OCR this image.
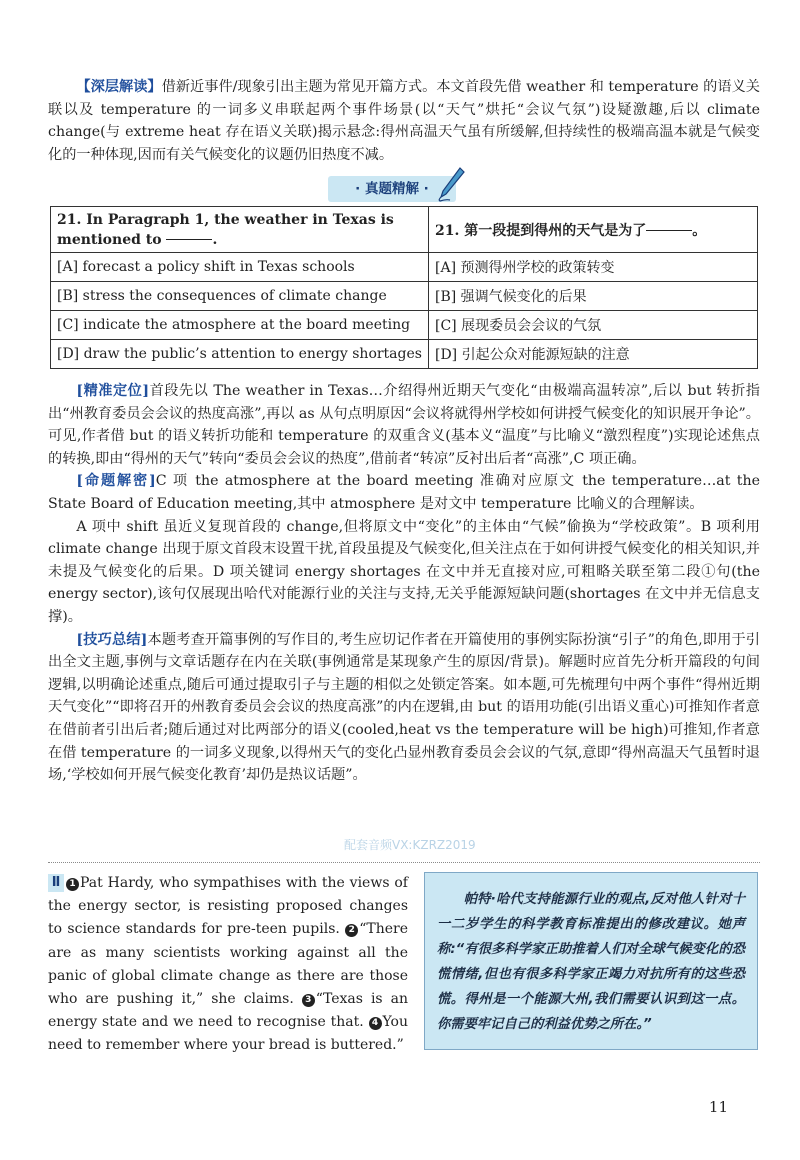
【深层解读】借新近事件/现象引出主题为常见开篇方式。本文首段先借 weather 和 temperature 的语义关联以及 temperature 的一词多义串联起两个事件场景(以“天气”烘托“会议气氛”)设疑激趣,后以 climate change(与 extreme heat 存在语义关联)揭示悬念:得州高温天气虽有所缓解,但持续性的极端高温本就是气候变化的一种体现,因而有关气候变化的议题仍旧热度不减。

· 真题精解 ·
21. In Paragraph 1, the weather in Texas is mentioned to .	21. 第一段提到得州的天气是为了 。
[A] forecast a policy shift in Texas schools	[A] 预测得州学校的政策转变
[B] stress the consequences of climate change	[B] 强调气候变化的后果
[C] indicate the atmosphere at the board meeting	[C] 展现委员会会议的气氛
[D] draw the public’s attention to energy shortages	[D] 引起公众对能源短缺的注意

[精准定位]首段先以 The weather in Texas…介绍得州近期天气变化“由极端高温转凉”,后以 but 转折指出“州教育委员会会议的热度高涨”,再以 as 从句点明原因“会议将就得州学校如何讲授气候变化的知识展开争论”。可见,作者借 but 的语义转折功能和 temperature 的双重含义(基本义“温度”与比喻义“激烈程度”)实现论述焦点的转换,即由“得州的天气”转向“委员会会议的热度”,借前者“转凉”反衬出后者“高涨”,C 项正确。

[命题解密]C 项 the atmosphere at the board meeting 准确对应原文 the temperature…at the State Board of Education meeting,其中 atmosphere 是对文中 temperature 比喻义的合理解读。

A 项中 shift 虽近义复现首段的 change,但将原文中“变化”的主体由“气候”偷换为“学校政策”。B 项利用 climate change 出现于原文首段末设置干扰,首段虽提及气候变化,但关注点在于如何讲授气候变化的相关知识,并未提及气候变化的后果。D 项关键词 energy shortages 在文中并无直接对应,可粗略关联至第二段①句(the energy sector),该句仅展现出哈代对能源行业的关注与支持,无关乎能源短缺问题(shortages 在文中并无信息支撑)。

[技巧总结]本题考查开篇事例的写作目的,考生应切记作者在开篇使用的事例实际扮演“引子”的角色,即用于引出全文主题,事例与文章话题存在内在关联(事例通常是某现象产生的原因/背景)。解题时应首先分析开篇段的句间逻辑,以明确论述重点,随后可通过提取引子与主题的相似之处锁定答案。如本题,可先梳理句中两个事件“得州近期天气变化”“即将召开的州教育委员会会议的热度高涨”的内在逻辑,由 but 的语用功能(引出语义重心)可推知作者意在借前者引出后者;随后通过对比两部分的语义(cooled,heat vs the temperature will be high)可推知,作者意在借 temperature 的一词多义现象,以得州天气的变化凸显州教育委员会会议的气氛,意即“得州高温天气虽暂时退场,‘学校如何开展气候变化教育’却仍是热议话题”。

配套音频VX:KZRZ2019
Ⅱ 1 Pat Hardy, who sympathises with the views of the energy sector, is resisting proposed changes to science standards for pre-teen pupils. 2 “There are as many scientists working against all the panic of global climate change as there are those who are pushing it,” she claims. 3 “Texas is an energy state and we need to recognise that. 4 You need to remember where your bread is buttered.”

帕特·哈代支持能源行业的观点,反对他人针对十一二岁学生的科学教育标准提出的修改建议。她声称:“有很多科学家正助推着人们对全球气候变化的恐慌情绪,但也有很多科学家正竭力对抗所有的这些恐慌。得州是一个能源大州,我们需要认识到这一点。你需要牢记自己的利益优势之所在。”

11
